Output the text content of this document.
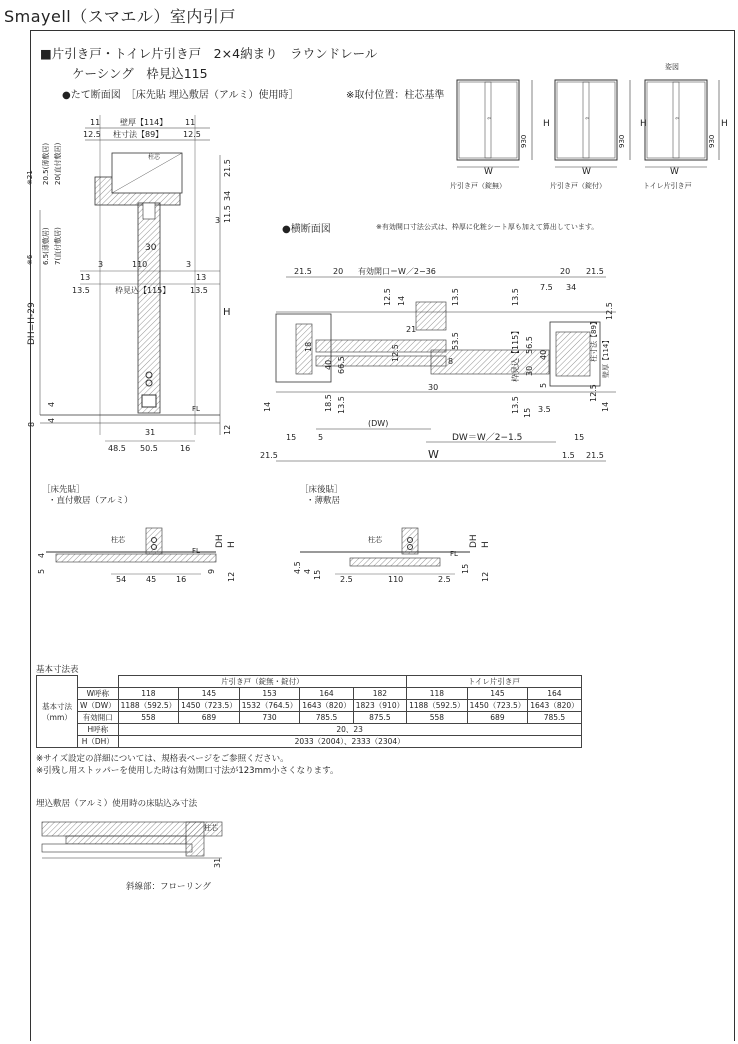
Smayell（スマエル）室内引戸
■片引き戸・トイレ片引き戸　2×4納まり　ラウンドレール
ケーシング　枠見込115
●たて断面図　［床先貼 埋込敷居（アルミ）使用時］	※取付位置：柱芯基準
姿図
⇦
W
H
930
片引き戸（錠無）
⇦
W
H
930
片引き戸（錠付）
⇦
W
H
930
トイレ片引き戸
11 壁厚【114】 11
12.5 柱寸法【89】 12.5
柱芯
FL
※21 20.5(薄敷居) 20(直付敷居)
※6 6.5(薄敷居) 7(直付敷居)
DH=H-29
8
30
3	110	3
13	13
13.5	枠見込【115】 13.5
21.5
34
11.5
3
H
12
4
4
31
48.5 50.5	16
●横断面図	※有効開口寸法公式は、枠厚に化粧シート厚も加えて算出しています。
21.5	20 有効開口＝W／2−36	20 21.5
12.5 14
21
18
40 66.5
12.5
18.5 13.5
14
15
21.5
5
13.5
53.5
8
30
13.5
7.5 34
枠見込【115】 56.5
40
5
30
13.5 15 3.5
12.5
柱寸法【89】 壁厚【114】
12.5
14
(DW)
DW＝W／2−1.5
1.5
W
15
21.5
［床先貼］
・直付敷居（アルミ）
［床後貼］
・薄敷居
柱芯
FL
DH H
4
5
54 45 16
9
12
柱芯
FL
DH H
4.5 4 15 2.5	110	2.5
15
12
基本寸法表
基本寸法
（mm）		片引き戸（錠無・錠付）					トイレ片引き戸		
	W呼称	118	145	153	164	182	118	145	164
	W（DW）	1188（592.5）	1450（723.5）	1532（764.5）	1643（820）	1823（910）	1188（592.5）	1450（723.5）	1643（820）
	有効開口	558	689	730	785.5	875.5	558	689	785.5
	H呼称	20、23							
	H（DH）	2033（2004）、2333（2304）							
※サイズ設定の詳細については、規格表ページをご参照ください。
※引残し用ストッパーを使用した時は有効開口寸法が123mm小さくなります。
埋込敷居（アルミ）使用時の床貼込み寸法
柱芯
31
斜線部：フローリング
